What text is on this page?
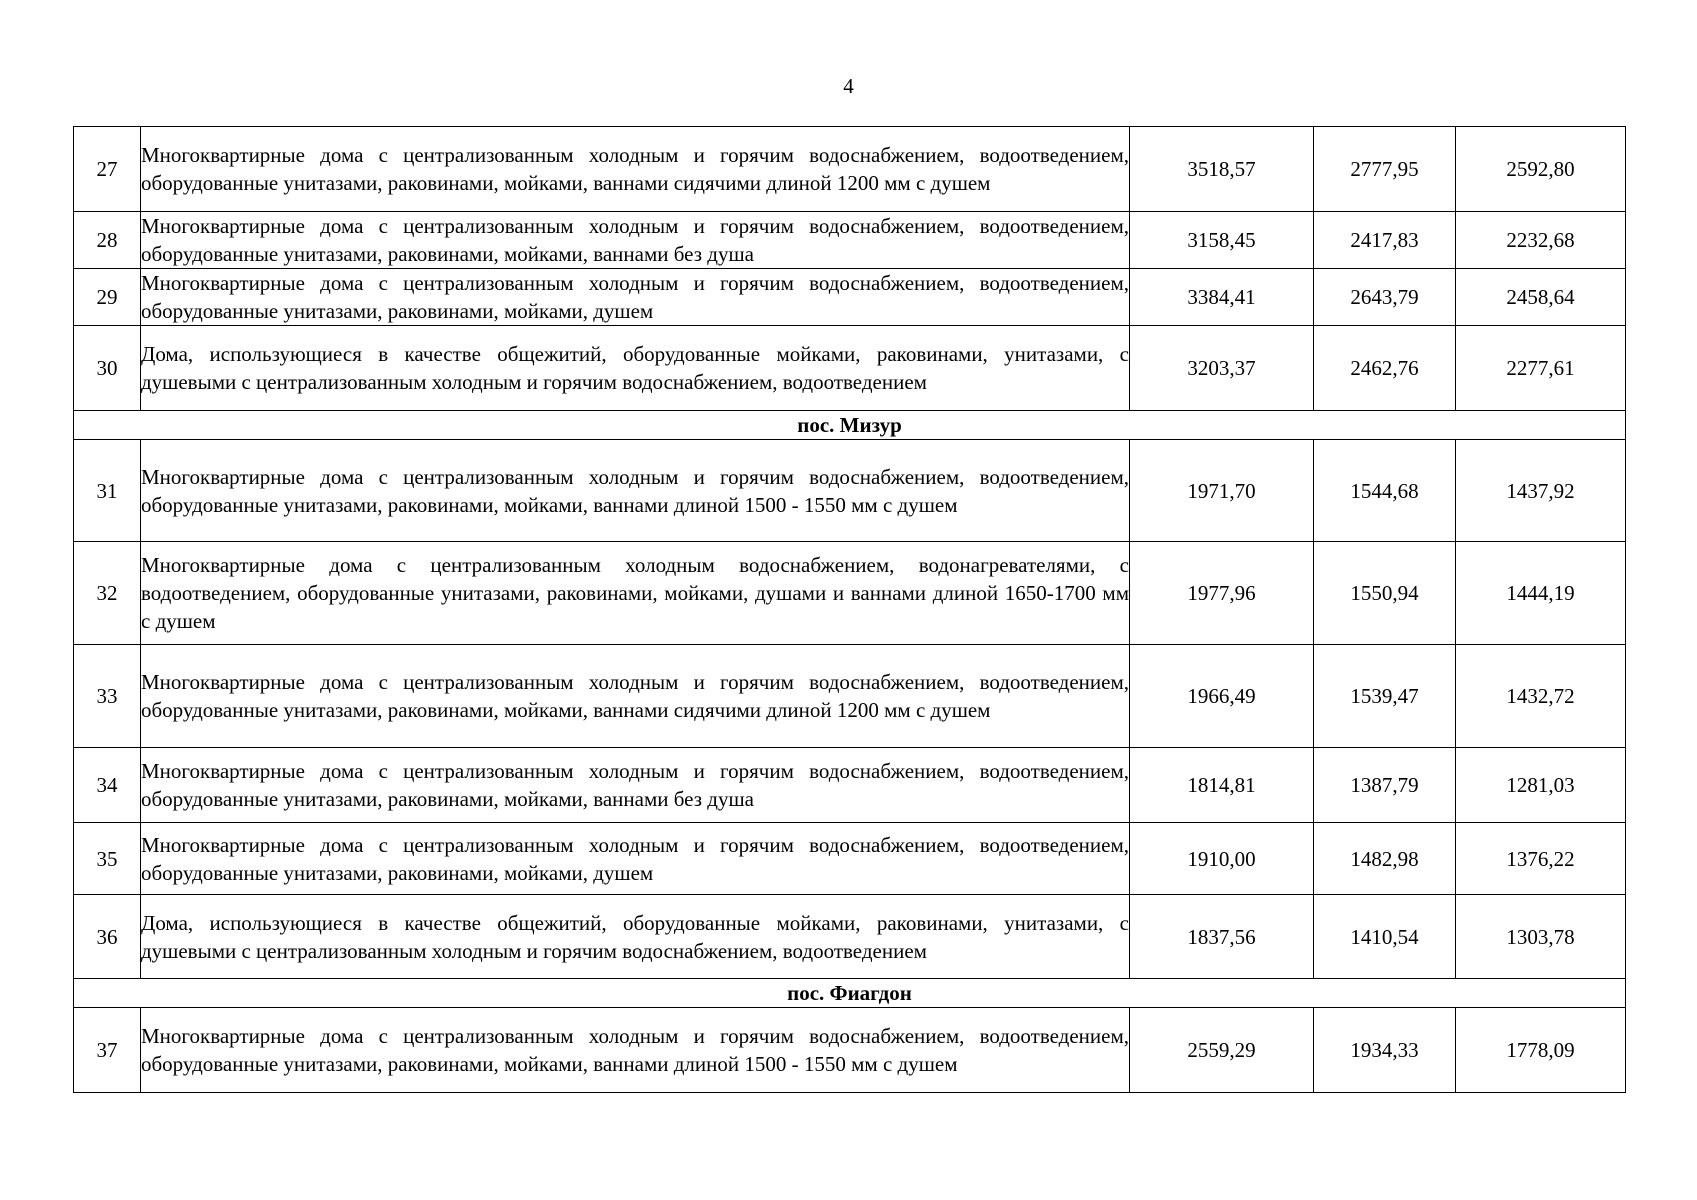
4
27	Многоквартирные дома с централизованным холодным и горячим водоснабжением, водоотведением, оборудованные унитазами, раковинами, мойками, ваннами сидячими длиной 1200 мм с душем	3518,57	2777,95	2592,80
28	Многоквартирные дома с централизованным холодным и горячим водоснабжением, водоотведением, оборудованные унитазами, раковинами, мойками, ваннами без душа	3158,45	2417,83	2232,68
29	Многоквартирные дома с централизованным холодным и горячим водоснабжением, водоотведением, оборудованные унитазами, раковинами, мойками, душем	3384,41	2643,79	2458,64
30	Дома, использующиеся в качестве общежитий, оборудованные мойками, раковинами, унитазами, с душевыми с централизованным холодным и горячим водоснабжением, водоотведением	3203,37	2462,76	2277,61
пос. Мизур				
31	Многоквартирные дома с централизованным холодным и горячим водоснабжением, водоотведением, оборудованные унитазами, раковинами, мойками, ваннами длиной 1500 - 1550 мм с душем	1971,70	1544,68	1437,92
32	Многоквартирные дома с централизованным холодным водоснабжением, водонагревателями, с водоотведением, оборудованные унитазами, раковинами, мойками, душами и ваннами длиной 1650-1700 мм с душем	1977,96	1550,94	1444,19
33	Многоквартирные дома с централизованным холодным и горячим водоснабжением, водоотведением, оборудованные унитазами, раковинами, мойками, ваннами сидячими длиной 1200 мм с душем	1966,49	1539,47	1432,72
34	Многоквартирные дома с централизованным холодным и горячим водоснабжением, водоотведением, оборудованные унитазами, раковинами, мойками, ваннами без душа	1814,81	1387,79	1281,03
35	Многоквартирные дома с централизованным холодным и горячим водоснабжением, водоотведением, оборудованные унитазами, раковинами, мойками, душем	1910,00	1482,98	1376,22
36	Дома, использующиеся в качестве общежитий, оборудованные мойками, раковинами, унитазами, с душевыми с централизованным холодным и горячим водоснабжением, водоотведением	1837,56	1410,54	1303,78
пос. Фиагдон				
37	Многоквартирные дома с централизованным холодным и горячим водоснабжением, водоотведением, оборудованные унитазами, раковинами, мойками, ваннами длиной 1500 - 1550 мм с душем	2559,29	1934,33	1778,09
